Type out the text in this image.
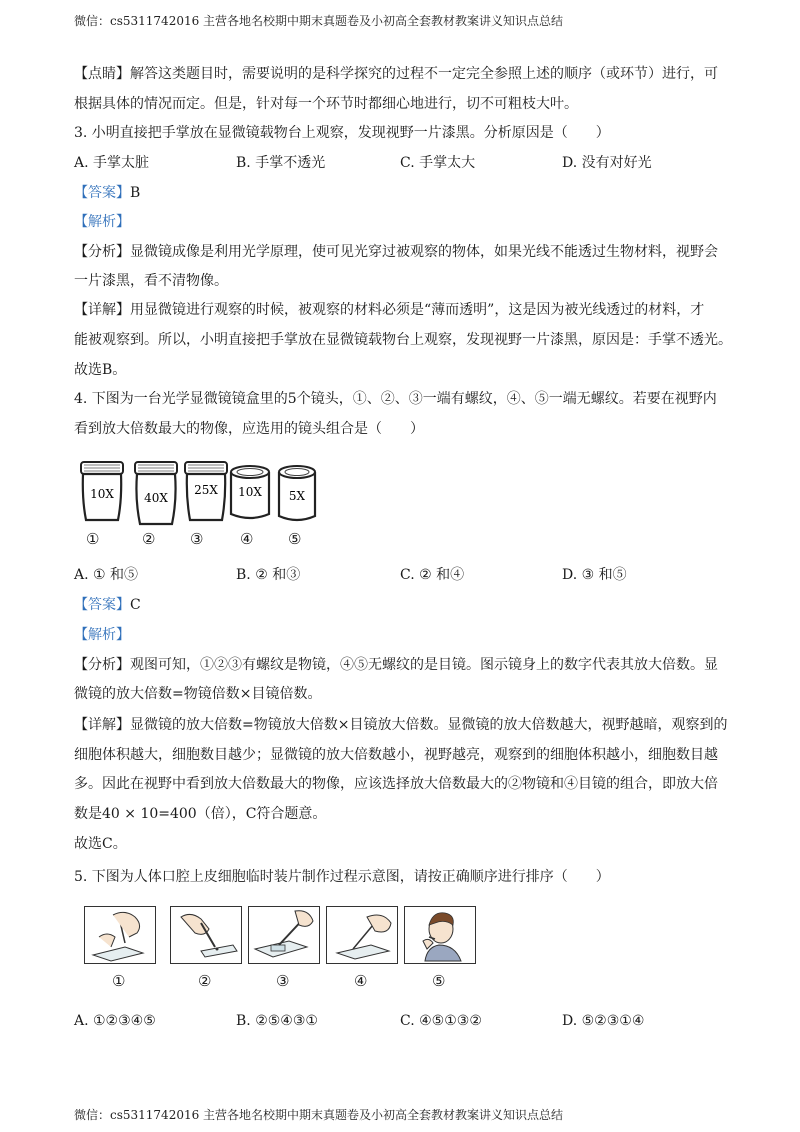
微信：cs5311742016 主营各地名校期中期末真题卷及小初高全套教材教案讲义知识点总结
【点睛】解答这类题目时，需要说明的是科学探究的过程不一定完全参照上述的顺序（或环节）进行，可
根据具体的情况而定。但是，针对每一个环节时都细心地进行，切不可粗枝大叶。
3. 小明直接把手掌放在显微镜载物台上观察，发现视野一片漆黑。分析原因是（　　）
A. 手掌太脏	B. 手掌不透光	C. 手掌太大	D. 没有对好光
【答案】B
【解析】
【分析】显微镜成像是利用光学原理，使可见光穿过被观察的物体，如果光线不能透过生物材料，视野会
一片漆黑，看不清物像。
【详解】用显微镜进行观察的时候，被观察的材料必须是“薄而透明”，这是因为被光线透过的材料，才
能被观察到。所以，小明直接把手掌放在显微镜载物台上观察，发现视野一片漆黑，原因是：手掌不透光。
故选B。
4. 下图为一台光学显微镜镜盒里的5个镜头，①、②、③一端有螺纹，④、⑤一端无螺纹。若要在视野内
看到放大倍数最大的物像，应选用的镜头组合是（　　）
10X	40X
25X 10X 5X
①	② ③ ④ ⑤
A. ① 和⑤	B. ② 和③	C. ② 和④	D. ③ 和⑤
【答案】C
【解析】
【分析】观图可知，①②③有螺纹是物镜，④⑤无螺纹的是目镜。图示镜身上的数字代表其放大倍数。显
微镜的放大倍数=物镜倍数×目镜倍数。
【详解】显微镜的放大倍数=物镜放大倍数×目镜放大倍数。显微镜的放大倍数越大，视野越暗，观察到的
细胞体积越大，细胞数目越少；显微镜的放大倍数越小，视野越亮，观察到的细胞体积越小，细胞数目越
多。因此在视野中看到放大倍数最大的物像，应该选择放大倍数最大的②物镜和④目镜的组合，即放大倍
数是40 × 10=400（倍），C符合题意。
故选C。
5. 下图为人体口腔上皮细胞临时装片制作过程示意图，请按正确顺序进行排序（　　）
①	②	③	④	⑤
A. ①②③④⑤	B. ②⑤④③①	C. ④⑤①③②	D. ⑤②③①④
微信：cs5311742016 主营各地名校期中期末真题卷及小初高全套教材教案讲义知识点总结
